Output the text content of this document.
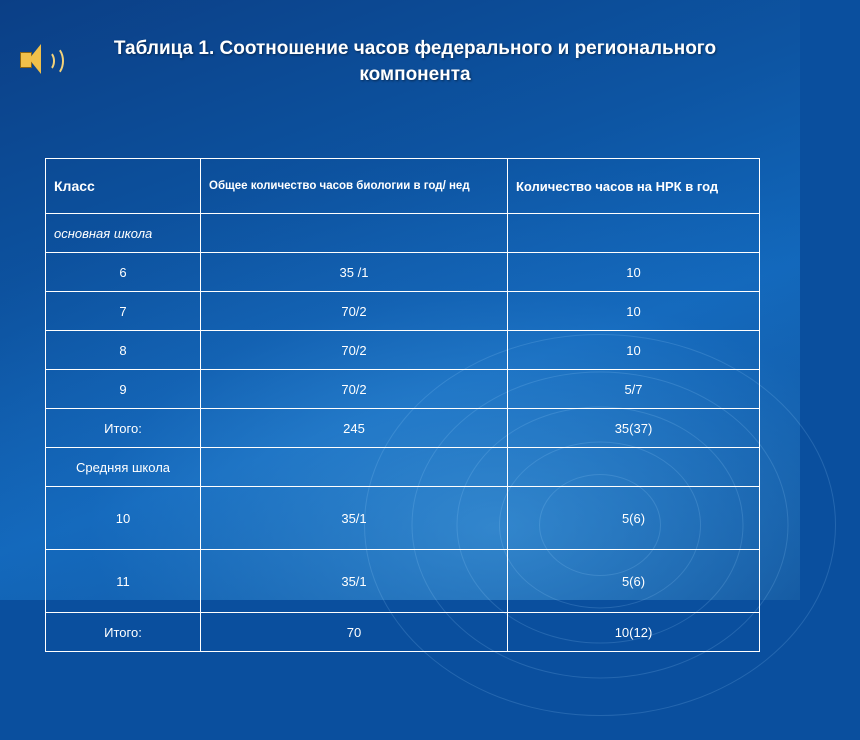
Таблица 1. Соотношение часов федерального и регионального компонента
Класс	Общее количество часов биологии в год/ нед	Количество часов на НРК в год
основная школа		
6	35 /1	10
7	70/2	10
8	70/2	10
9	70/2	5/7
Итого:	245	35(37)
Средняя школа		
10	35/1	5(6)
11	35/1	5(6)
Итого:	70	10(12)
